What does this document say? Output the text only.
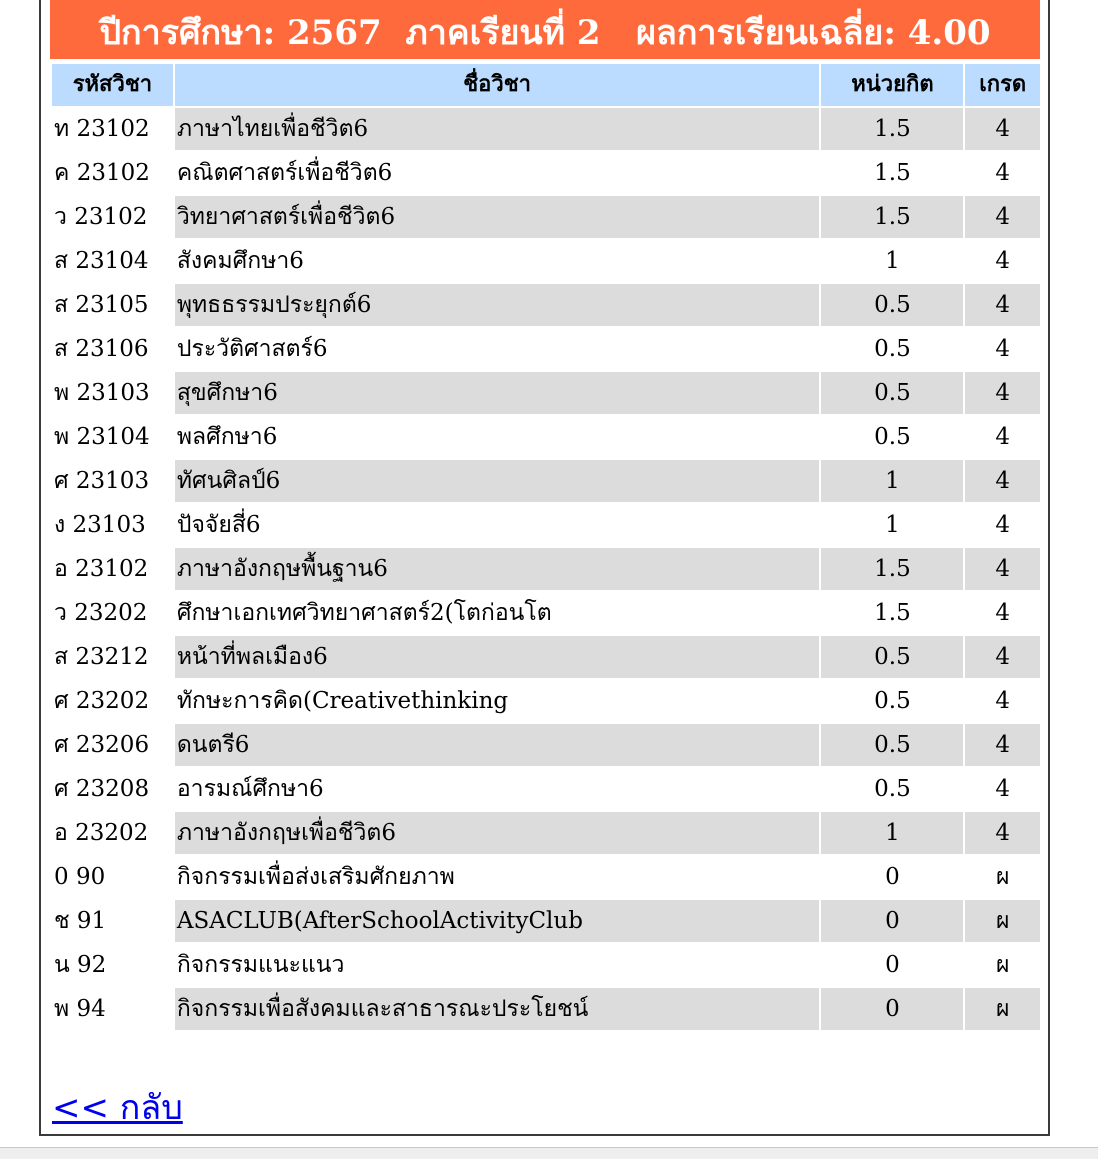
ปีการศึกษา: 2567 ภาคเรียนที่ 2 ผลการเรียนเฉลี่ย: 4.00
รหัสวิชา	ชื่อวิชา	หน่วยกิต	เกรด
ท 23102	ภาษาไทยเพื่อชีวิต6	1.5	4
ค 23102	คณิตศาสตร์เพื่อชีวิต6	1.5	4
ว 23102	วิทยาศาสตร์เพื่อชีวิต6	1.5	4
ส 23104	สังคมศึกษา6	1	4
ส 23105	พุทธธรรมประยุกต์6	0.5	4
ส 23106	ประวัติศาสตร์6	0.5	4
พ 23103	สุขศึกษา6	0.5	4
พ 23104	พลศึกษา6	0.5	4
ศ 23103	ทัศนศิลป์6	1	4
ง 23103	ปัจจัยสี่6	1	4
อ 23102	ภาษาอังกฤษพื้นฐาน6	1.5	4
ว 23202	ศึกษาเอกเทศวิทยาศาสตร์2(โตก่อนโต	1.5	4
ส 23212	หน้าที่พลเมือง6	0.5	4
ศ 23202	ทักษะการคิด(Creativethinking	0.5	4
ศ 23206	ดนตรี6	0.5	4
ศ 23208	อารมณ์ศึกษา6	0.5	4
อ 23202	ภาษาอังกฤษเพื่อชีวิต6	1	4
0 90	กิจกรรมเพื่อส่งเสริมศักยภาพ	0	ผ
ช 91	ASACLUB(AfterSchoolActivityClub	0	ผ
น 92	กิจกรรมแนะแนว	0	ผ
พ 94	กิจกรรมเพื่อสังคมและสาธารณะประโยชน์	0	ผ
<< กลับ
